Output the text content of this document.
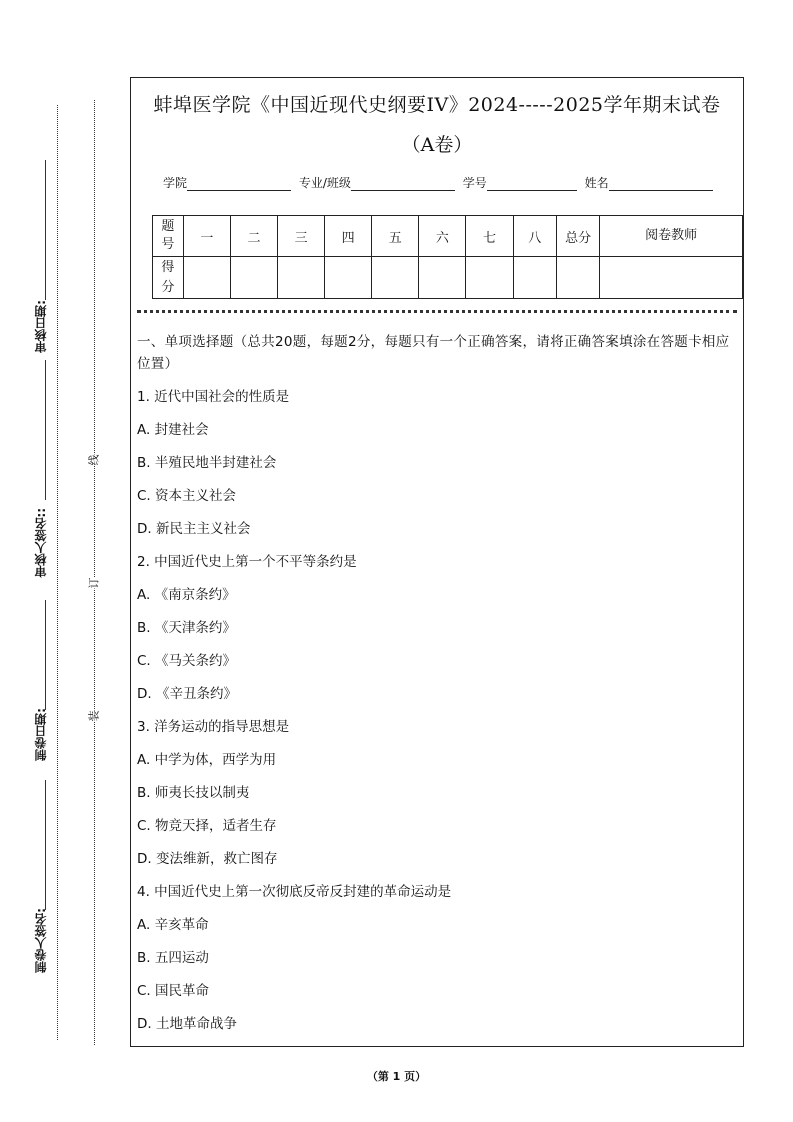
审核日期:
审核人签名::
制卷日期:
制卷人签名:
线
订
装
蚌埠医学院《中国近现代史纲要IV》2024-----2025学年期末试卷
（A卷）
学院	专业/班级	学号	姓名
题号	一	二	三	四	五	六	七	八	总分	阅卷教师
得分										
一、单项选择题（总共20题，每题2分，每题只有一个正确答案，请将正确答案填涂在答题卡相应位置）
1. 近代中国社会的性质是
A. 封建社会
B. 半殖民地半封建社会
C. 资本主义社会
D. 新民主主义社会
2. 中国近代史上第一个不平等条约是
A. 《南京条约》
B. 《天津条约》
C. 《马关条约》
D. 《辛丑条约》
3. 洋务运动的指导思想是
A. 中学为体，西学为用
B. 师夷长技以制夷
C. 物竞天择，适者生存
D. 变法维新，救亡图存
4. 中国近代史上第一次彻底反帝反封建的革命运动是
A. 辛亥革命
B. 五四运动
C. 国民革命
D. 土地革命战争
（第 1 页）
